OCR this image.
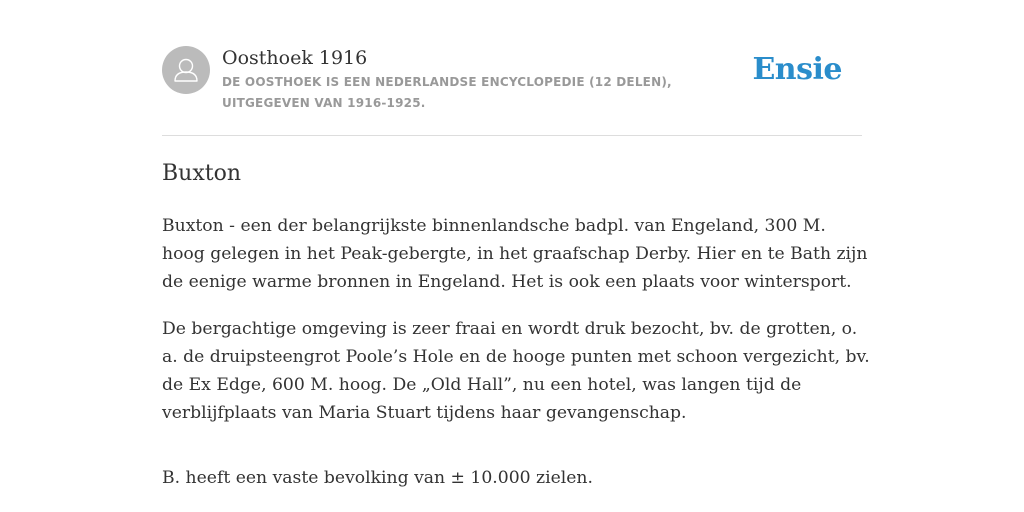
Oosthoek 1916
DE OOSTHOEK IS EEN NEDERLANDSE ENCYCLOPEDIE (12 DELEN), UITGEGEVEN VAN 1916-1925.
Ensie
Buxton

Buxton - een der belangrijkste binnenlandsche badpl. van Engeland, 300 M. hoog gelegen in het Peak-gebergte, in het graafschap Derby. Hier en te Bath zijn de eenige warme bronnen in Engeland. Het is ook een plaats voor wintersport.

De bergachtige omgeving is zeer fraai en wordt druk bezocht, bv. de grotten, o. a. de druipsteengrot Poole’s Hole en de hooge punten met schoon vergezicht, bv. de Ex Edge, 600 M. hoog. De „Old Hall”, nu een hotel, was langen tijd de verblijfplaats van Maria Stuart tijdens haar gevangenschap.

B. heeft een vaste bevolking van ± 10.000 zielen.
